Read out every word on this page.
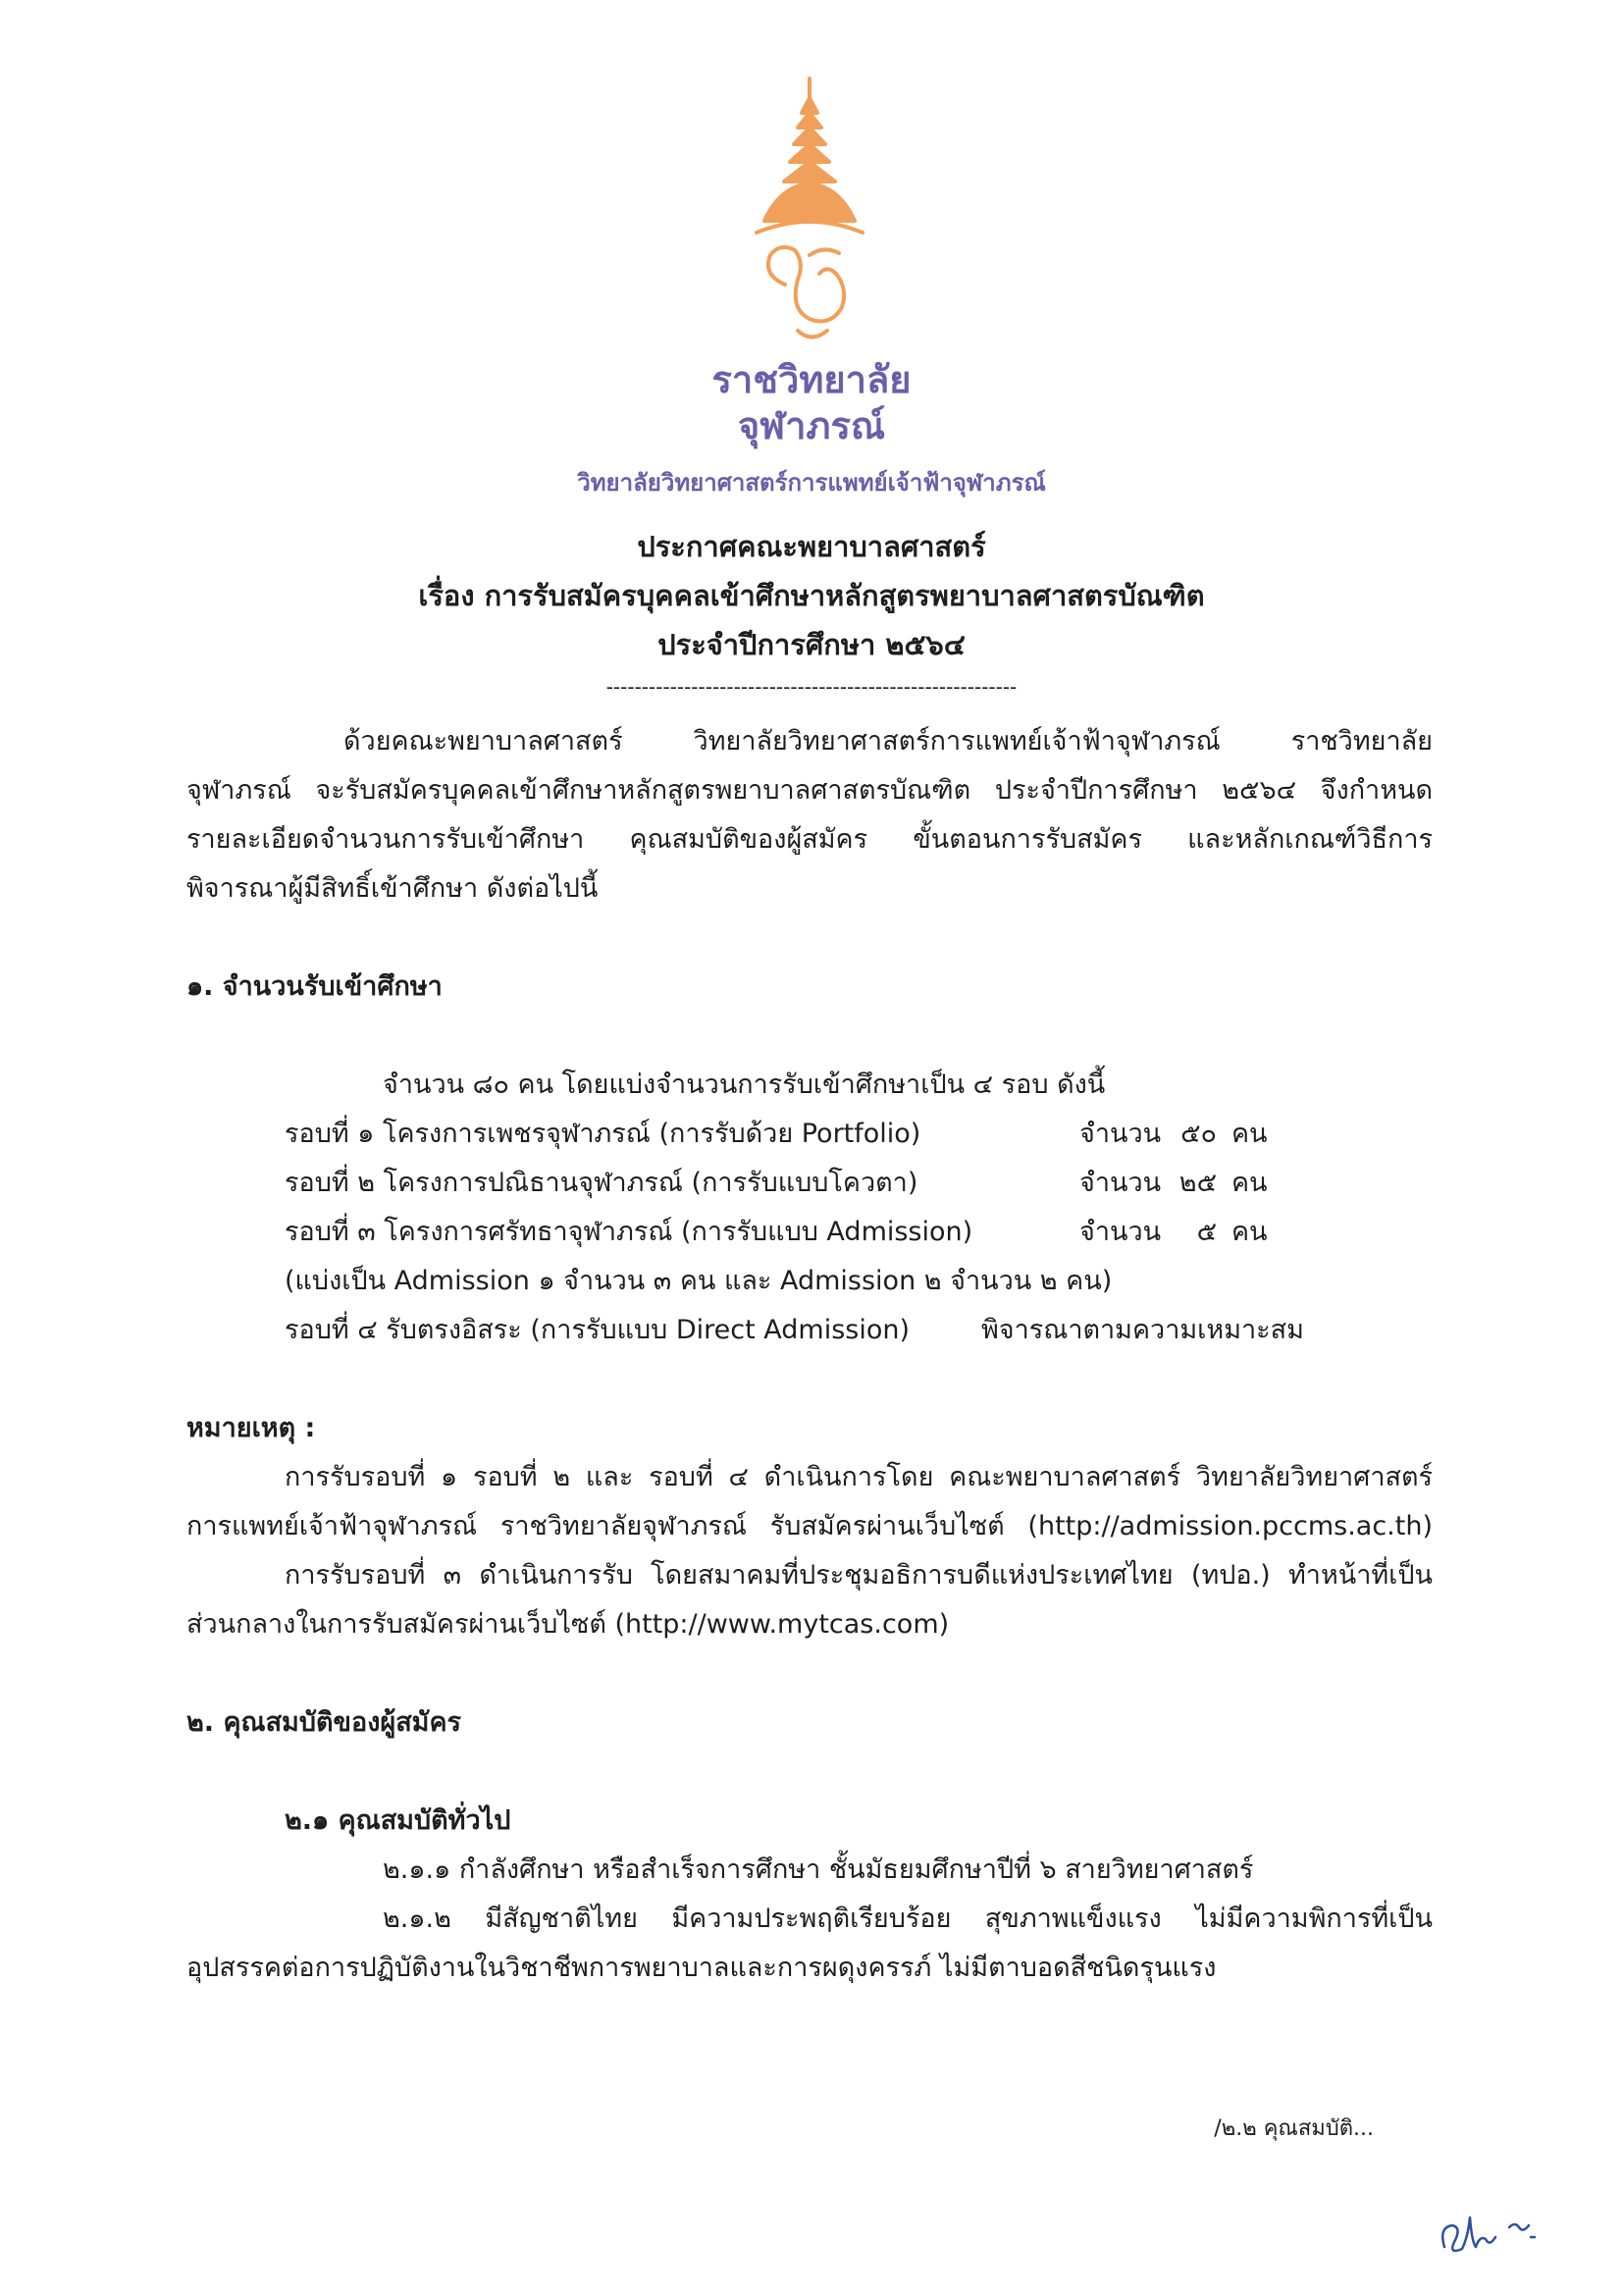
ราชวิทยาลัย
จุฬาภรณ์
วิทยาลัยวิทยาศาสตร์การแพทย์เจ้าฟ้าจุฬาภรณ์
ประกาศคณะพยาบาลศาสตร์
เรื่อง การรับสมัครบุคคลเข้าศึกษาหลักสูตรพยาบาลศาสตรบัณฑิต
ประจำปีการศึกษา ๒๕๖๔
----------------------------------------------------------
ด้วยคณะพยาบาลศาสตร์ วิทยาลัยวิทยาศาสตร์การแพทย์เจ้าฟ้าจุฬาภรณ์ ราชวิทยาลัย
จุฬาภรณ์ จะรับสมัครบุคคลเข้าศึกษาหลักสูตรพยาบาลศาสตรบัณฑิต ประจำปีการศึกษา ๒๕๖๔ จึงกำหนด
รายละเอียดจำนวนการรับเข้าศึกษา คุณสมบัติของผู้สมัคร ขั้นตอนการรับสมัคร และหลักเกณฑ์วิธีการ
พิจารณาผู้มีสิทธิ์เข้าศึกษา ดังต่อไปนี้
๑. จำนวนรับเข้าศึกษา
จำนวน ๘๐ คน โดยแบ่งจำนวนการรับเข้าศึกษาเป็น ๔ รอบ ดังนี้
รอบที่ ๑ โครงการเพชรจุฬาภรณ์ (การรับด้วย Portfolio)	จำนวน ๕๐ คน
รอบที่ ๒ โครงการปณิธานจุฬาภรณ์ (การรับแบบโควตา)	จำนวน ๒๕ คน
รอบที่ ๓ โครงการศรัทธาจุฬาภรณ์ (การรับแบบ Admission)	จำนวน	๕ คน
(แบ่งเป็น Admission ๑ จำนวน ๓ คน และ Admission ๒ จำนวน ๒ คน)
รอบที่ ๔ รับตรงอิสระ (การรับแบบ Direct Admission)	พิจารณาตามความเหมาะสม
หมายเหตุ :
การรับรอบที่ ๑ รอบที่ ๒ และ รอบที่ ๔ ดำเนินการโดย คณะพยาบาลศาสตร์ วิทยาลัยวิทยาศาสตร์
การแพทย์เจ้าฟ้าจุฬาภรณ์ ราชวิทยาลัยจุฬาภรณ์ รับสมัครผ่านเว็บไซต์ (http://admission.pccms.ac.th)
การรับรอบที่ ๓ ดำเนินการรับ โดยสมาคมที่ประชุมอธิการบดีแห่งประเทศไทย (ทปอ.) ทำหน้าที่เป็น
ส่วนกลางในการรับสมัครผ่านเว็บไซต์ (http://www.mytcas.com)
๒. คุณสมบัติของผู้สมัคร
๒.๑ คุณสมบัติทั่วไป
๒.๑.๑ กำลังศึกษา หรือสำเร็จการศึกษา ชั้นมัธยมศึกษาปีที่ ๖ สายวิทยาศาสตร์
๒.๑.๒ มีสัญชาติไทย มีความประพฤติเรียบร้อย สุขภาพแข็งแรง ไม่มีความพิการที่เป็น
อุปสรรคต่อการปฏิบัติงานในวิชาชีพการพยาบาลและการผดุงครรภ์ ไม่มีตาบอดสีชนิดรุนแรง
/๒.๒ คุณสมบัติ...
